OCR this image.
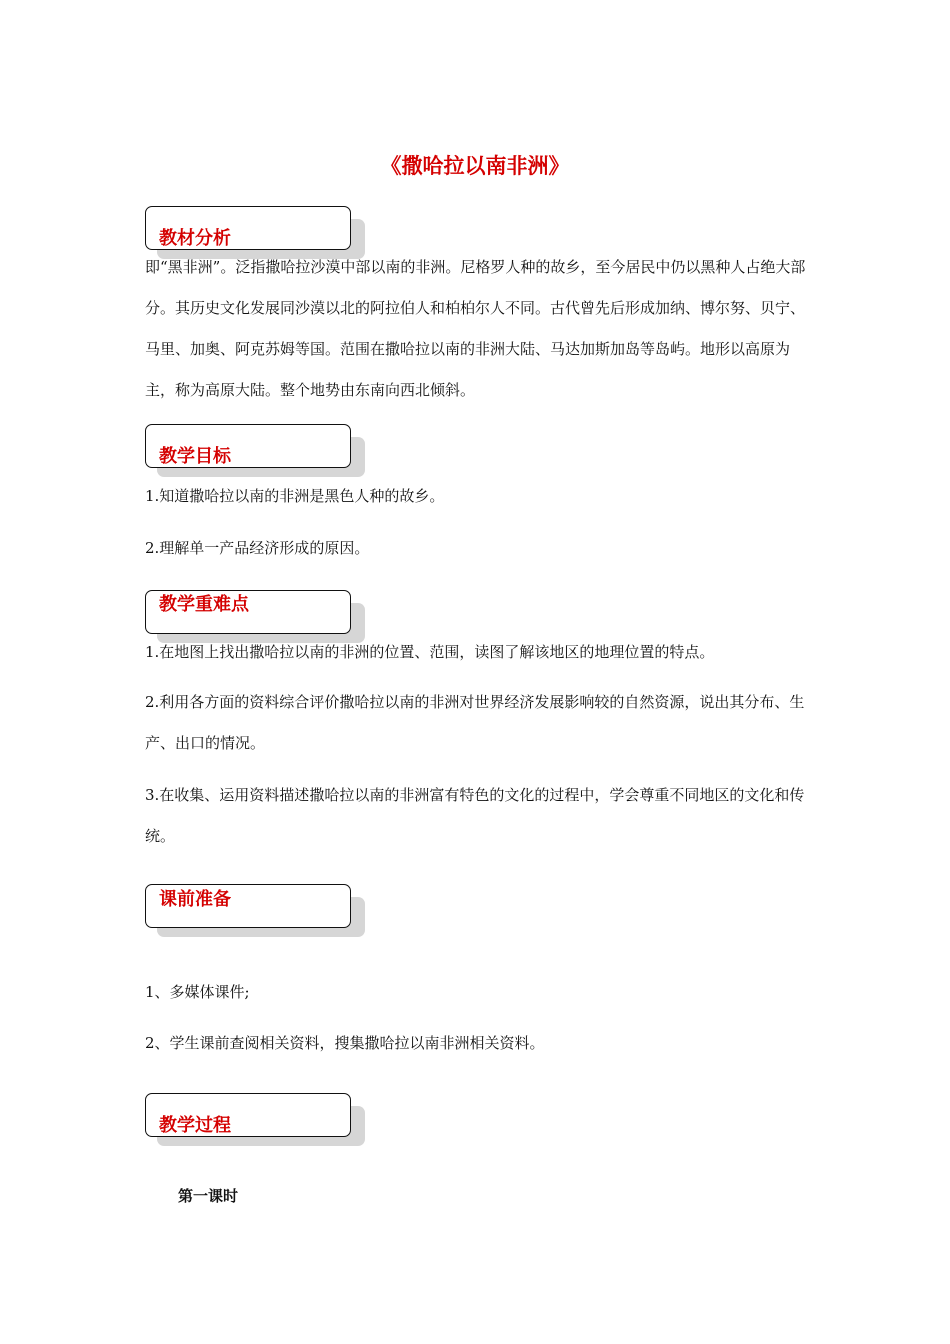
《撒哈拉以南非洲》
教材分析
即“黑非洲”。泛指撒哈拉沙漠中部以南的非洲。尼格罗人种的故乡，至今居民中仍以黑种人占绝大部分。其历史文化发展同沙漠以北的阿拉伯人和柏柏尔人不同。古代曾先后形成加纳、博尔努、贝宁、马里、加奥、阿克苏姆等国。范围在撒哈拉以南的非洲大陆、马达加斯加岛等岛屿。地形以高原为主，称为高原大陆。整个地势由东南向西北倾斜。
教学目标
1.知道撒哈拉以南的非洲是黑色人种的故乡。
2.理解单一产品经济形成的原因。
教学重难点
1.在地图上找出撒哈拉以南的非洲的位置、范围，读图了解该地区的地理位置的特点。
2.利用各方面的资料综合评价撒哈拉以南的非洲对世界经济发展影响较的自然资源，说出其分布、生产、出口的情况。
3.在收集、运用资料描述撒哈拉以南的非洲富有特色的文化的过程中，学会尊重不同地区的文化和传统。
课前准备
1、多媒体课件;
2、学生课前查阅相关资料，搜集撒哈拉以南非洲相关资料。
教学过程
第一课时
